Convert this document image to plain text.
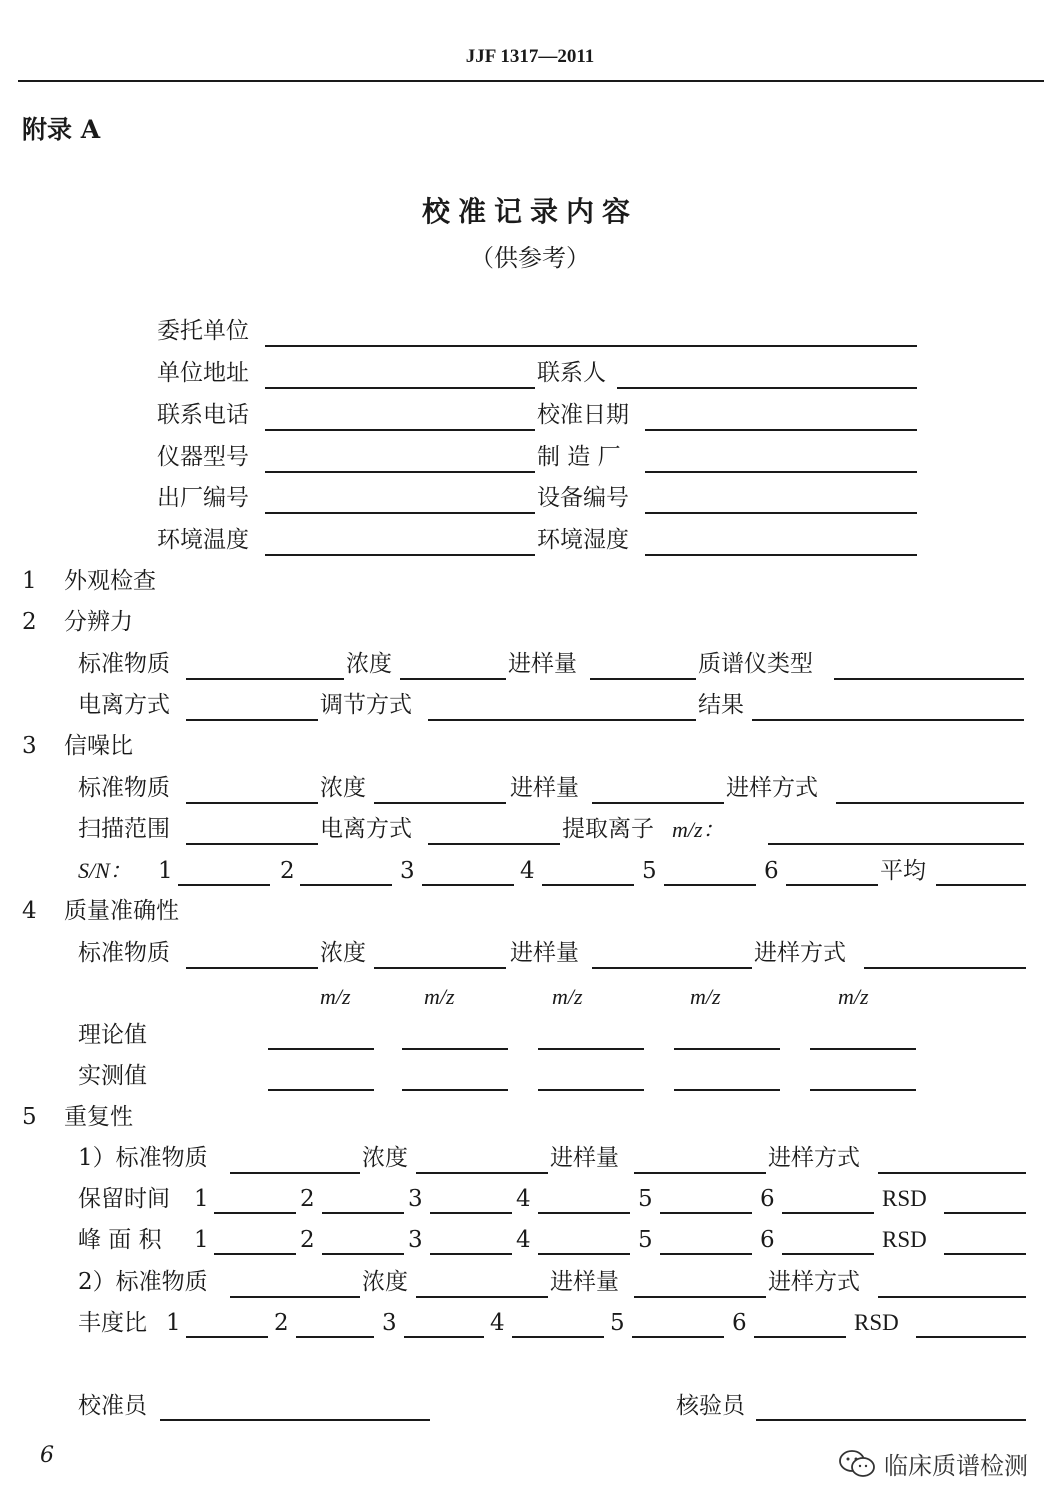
JJF 1317—2011
附录 A
校准记录内容
（供参考）
委托单位
单位地址	联系人
联系电话	校准日期
仪器型号	制 造 厂
出厂编号	设备编号
环境温度	环境湿度
1 外观检查
2 分辨力
标准物质	浓度	进样量	质谱仪类型
电离方式	调节方式	结果
3 信噪比
标准物质	浓度	进样量	进样方式
扫描范围	电离方式	提取离子 m/z：
S/N： 1	2	3	4	5	6	平均
4 质量准确性
标准物质	浓度	进样量	进样方式
m/z	m/z	m/z	m/z	m/z
理论值
实测值
5 重复性
1）标准物质	浓度	进样量	进样方式
保留时间 1	2	3	4	5	6	RSD
峰 面 积 1	2	3	4	5	6	RSD
2）标准物质	浓度	进样量	进样方式
丰度比 1	2	3	4	5	6	RSD
校准员	核验员
6	临床质谱检测
